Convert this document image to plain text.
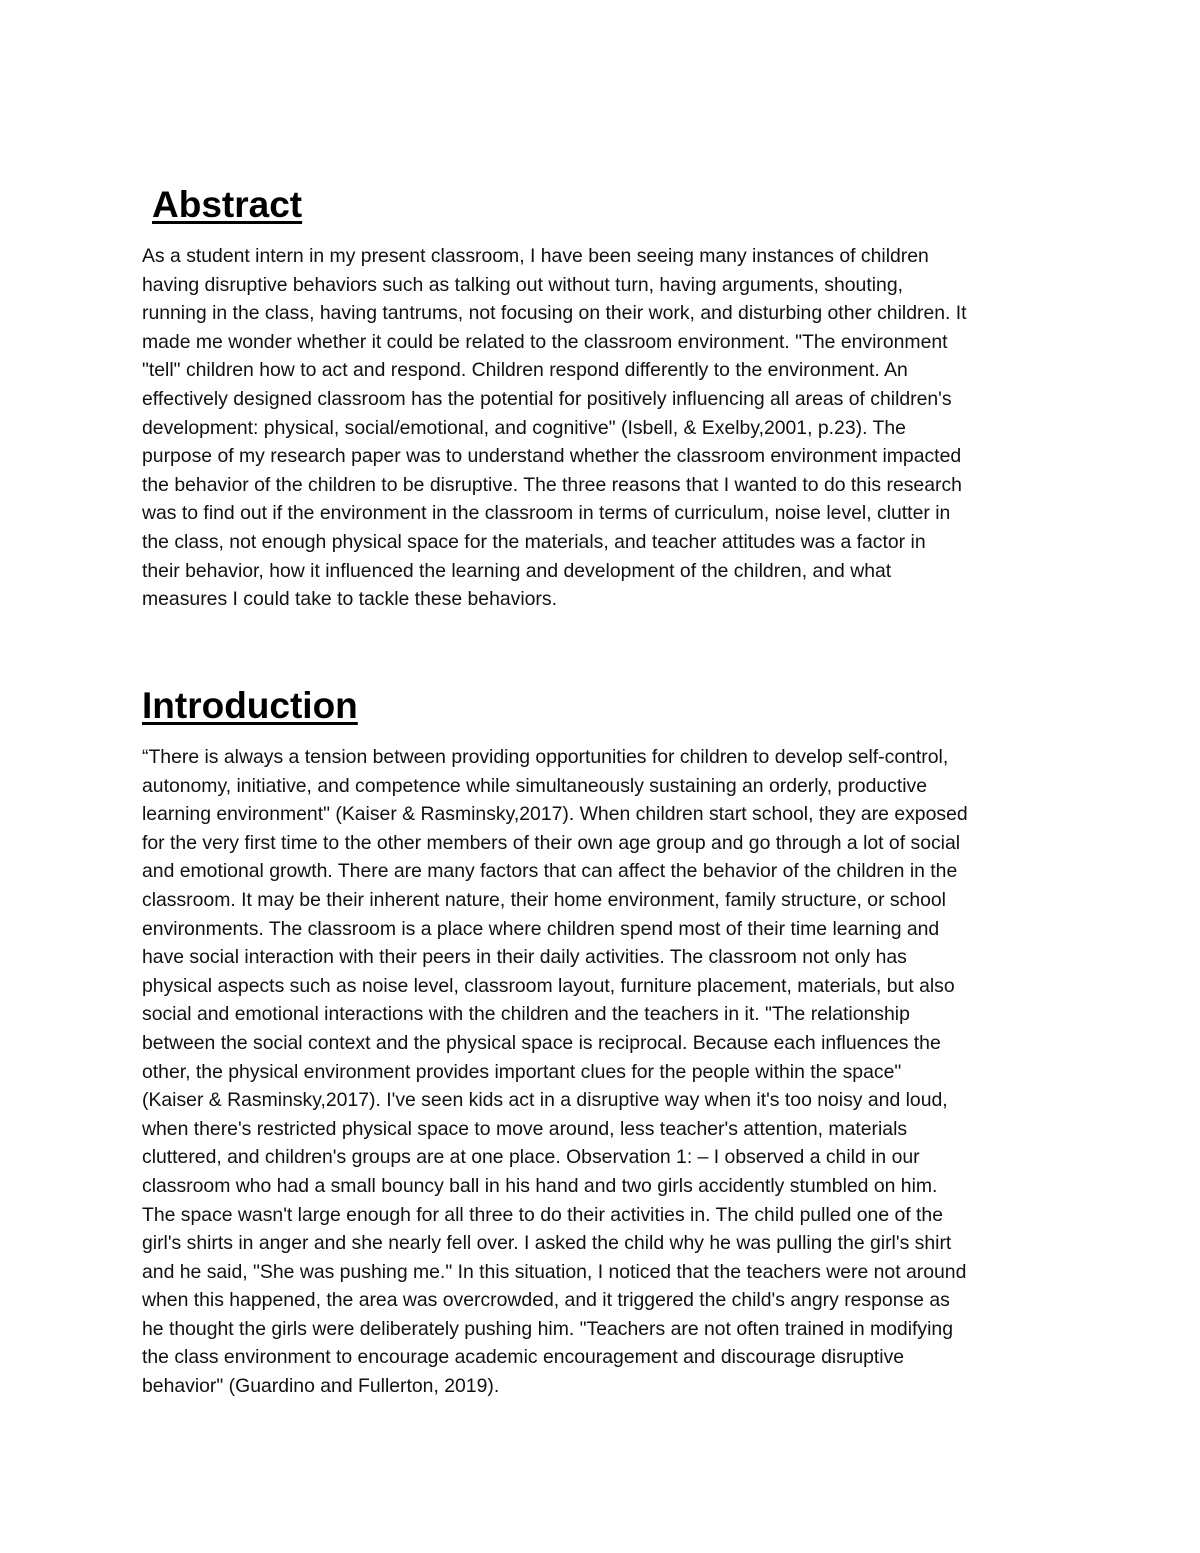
Abstract

As a student intern in my present classroom, I have been seeing many instances of children
having disruptive behaviors such as talking out without turn, having arguments, shouting,
running in the class, having tantrums, not focusing on their work, and disturbing other children. It
made me wonder whether it could be related to the classroom environment. "The environment
"tell" children how to act and respond. Children respond differently to the environment. An
effectively designed classroom has the potential for positively influencing all areas of children's
development: physical, social/emotional, and cognitive" (Isbell, & Exelby,2001, p.23). The
purpose of my research paper was to understand whether the classroom environment impacted
the behavior of the children to be disruptive. The three reasons that I wanted to do this research
was to find out if the environment in the classroom in terms of curriculum, noise level, clutter in
the class, not enough physical space for the materials, and teacher attitudes was a factor in
their behavior, how it influenced the learning and development of the children, and what
measures I could take to tackle these behaviors.

Introduction

“There is always a tension between providing opportunities for children to develop self-control,
autonomy, initiative, and competence while simultaneously sustaining an orderly, productive
learning environment" (Kaiser & Rasminsky,2017). When children start school, they are exposed
for the very first time to the other members of their own age group and go through a lot of social
and emotional growth. There are many factors that can affect the behavior of the children in the
classroom. It may be their inherent nature, their home environment, family structure, or school
environments. The classroom is a place where children spend most of their time learning and
have social interaction with their peers in their daily activities. The classroom not only has
physical aspects such as noise level, classroom layout, furniture placement, materials, but also
social and emotional interactions with the children and the teachers in it. "The relationship
between the social context and the physical space is reciprocal. Because each influences the
other, the physical environment provides important clues for the people within the space"
(Kaiser & Rasminsky,2017). I've seen kids act in a disruptive way when it's too noisy and loud,
when there's restricted physical space to move around, less teacher's attention, materials
cluttered, and children's groups are at one place. Observation 1: – I observed a child in our
classroom who had a small bouncy ball in his hand and two girls accidently stumbled on him.
The space wasn't large enough for all three to do their activities in. The child pulled one of the
girl's shirts in anger and she nearly fell over. I asked the child why he was pulling the girl's shirt
and he said, "She was pushing me." In this situation, I noticed that the teachers were not around
when this happened, the area was overcrowded, and it triggered the child's angry response as
he thought the girls were deliberately pushing him. "Teachers are not often trained in modifying
the class environment to encourage academic encouragement and discourage disruptive
behavior" (Guardino and Fullerton, 2019).
